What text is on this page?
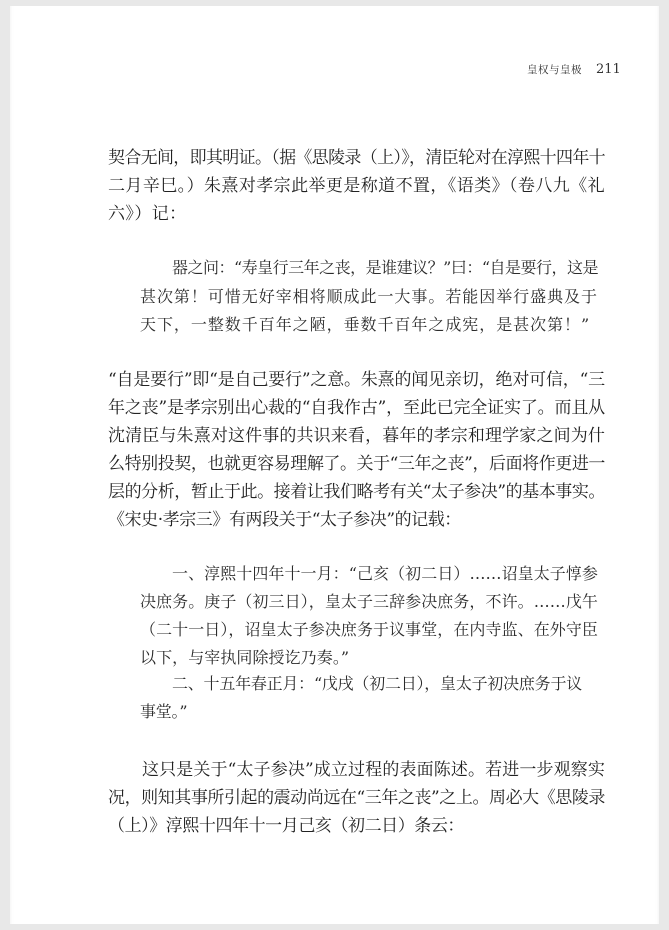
皇权与皇极 211
契合无间，即其明证。（据《思陵录（上）》，清臣轮对在淳熙十四年十
二月辛巳。）朱熹对孝宗此举更是称道不置，《语类》（卷八九《礼
六》）记：
器之问：“寿皇行三年之丧，是谁建议？”曰：“自是要行，这是
甚次第！可惜无好宰相将顺成此一大事。若能因举行盛典及于
天下，一整数千百年之陋，垂数千百年之成宪，是甚次第！”
“自是要行”即“是自己要行”之意。朱熹的闻见亲切，绝对可信，“三
年之丧”是孝宗别出心裁的“自我作古”，至此已完全证实了。而且从
沈清臣与朱熹对这件事的共识来看，暮年的孝宗和理学家之间为什
么特别投契，也就更容易理解了。关于“三年之丧”，后面将作更进一
层的分析，暂止于此。接着让我们略考有关“太子参决”的基本事实。
《宋史·孝宗三》有两段关于“太子参决”的记载：
一、淳熙十四年十一月：“己亥（初二日）……诏皇太子惇参
决庶务。庚子（初三日），皇太子三辞参决庶务，不许。……戊午
（二十一日），诏皇太子参决庶务于议事堂，在内寺监、在外守臣
以下，与宰执同除授讫乃奏。”
二、十五年春正月：“戊戌（初二日），皇太子初决庶务于议
事堂。”
这只是关于“太子参决”成立过程的表面陈述。若进一步观察实
况，则知其事所引起的震动尚远在“三年之丧”之上。周必大《思陵录
（上）》淳熙十四年十一月己亥（初二日）条云：
